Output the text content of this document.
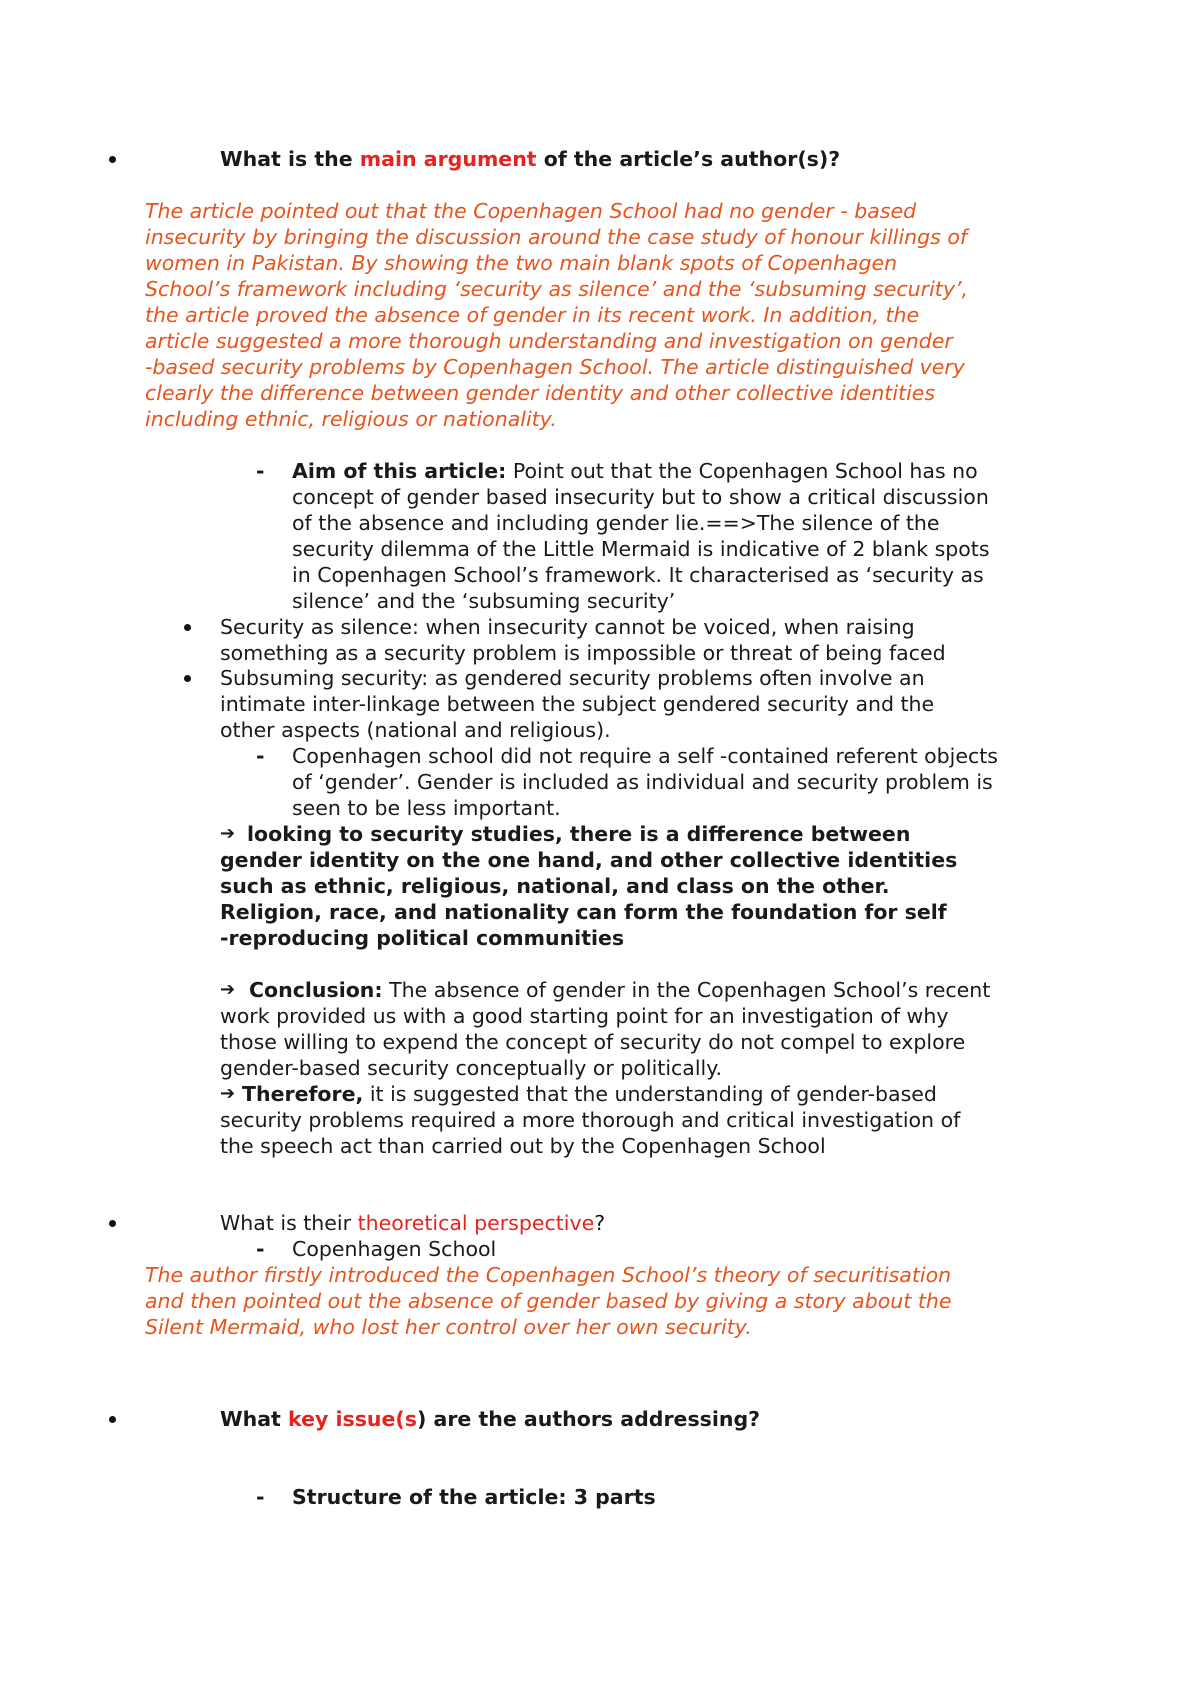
What is the main argument of the article’s author(s)?
The article pointed out that the Copenhagen School had no gender - based
insecurity by bringing the discussion around the case study of honour killings of
women in Pakistan. By showing the two main blank spots of Copenhagen
School’s framework including ‘security as silence’ and the ‘subsuming security’,
the article proved the absence of gender in its recent work. In addition, the
article suggested a more thorough understanding and investigation on gender
-based security problems by Copenhagen School. The article distinguished very
clearly the difference between gender identity and other collective identities
including ethnic, religious or nationality.
- Aim of this article: Point out that the Copenhagen School has no
concept of gender based insecurity but to show a critical discussion
of the absence and including gender lie.==>The silence of the
security dilemma of the Little Mermaid is indicative of 2 blank spots
in Copenhagen School’s framework. It characterised as ‘security as
silence’ and the ‘subsuming security’
Security as silence: when insecurity cannot be voiced, when raising
something as a security problem is impossible or threat of being faced
Subsuming security: as gendered security problems often involve an
intimate inter-linkage between the subject gendered security and the
other aspects (national and religious).
- Copenhagen school did not require a self -contained referent objects
of ‘gender’. Gender is included as individual and security problem is
seen to be less important.
➔ looking to security studies, there is a difference between
gender identity on the one hand, and other collective identities
such as ethnic, religious, national, and class on the other.
Religion, race, and nationality can form the foundation for self
-reproducing political communities
➔ Conclusion: The absence of gender in the Copenhagen School’s recent
work provided us with a good starting point for an investigation of why
those willing to expend the concept of security do not compel to explore
gender-based security conceptually or politically.
➔ Therefore, it is suggested that the understanding of gender-based
security problems required a more thorough and critical investigation of
the speech act than carried out by the Copenhagen School
What is their theoretical perspective?
- Copenhagen School
The author firstly introduced the Copenhagen School’s theory of securitisation
and then pointed out the absence of gender based by giving a story about the
Silent Mermaid, who lost her control over her own security.
What key issue(s) are the authors addressing?
- Structure of the article: 3 parts
